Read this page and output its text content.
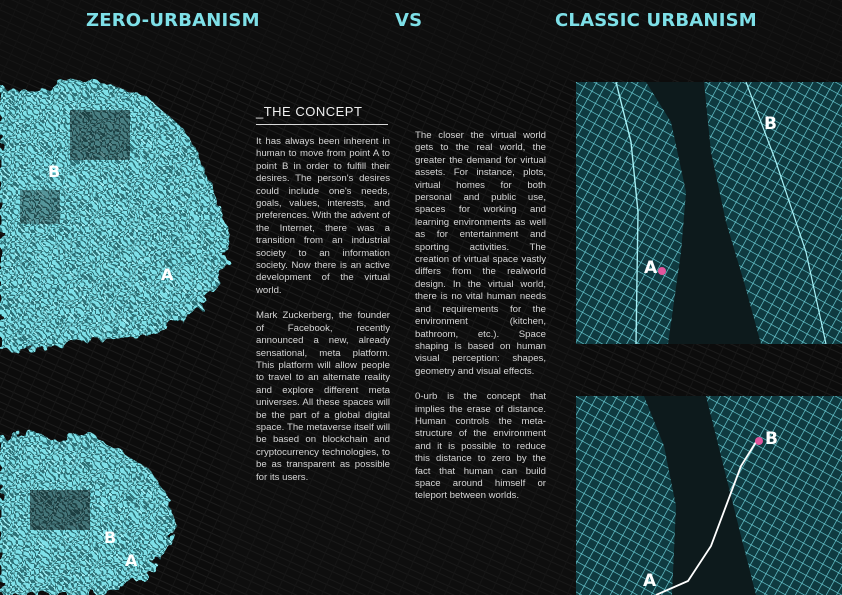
ZERO-URBANISM	VS	CLASSIC URBANISM
B
A
B
A
_THE CONCEPT

It has always been inherent in human to move from point A to point B in order to fulfill their desires. The person's desires could include one's needs, goals, values, interests, and preferences. With the advent of the Internet, there was a transition from an industrial society to an information society. Now there is an active development of the virtual world.

Mark Zuckerberg, the founder of Facebook, recently announced a new, already sensational, meta platform. This platform will allow people to travel to an alternate reality and explore different meta universes. All these spaces will be the part of a global digital space. The metaverse itself will be based on blockchain and cryptocurrency technologies, to be as transparent as possible for its users.

The closer the virtual world gets to the real world, the greater the demand for virtual assets. For instance, plots, virtual homes for both personal and public use, spaces for working and learning environments as well as for entertainment and sporting activities. The creation of virtual space vastly differs from the realworld design. In the virtual world, there is no vital human needs and requirements for the environment (kitchen, bathroom, etc.). Space shaping is based on human visual perception: shapes, geometry and visual effects.

0-urb is the concept that implies the erase of distance. Human controls the meta-structure of the environment and it is possible to reduce this distance to zero by the fact that human can build space around himself or teleport between worlds.

B
A
B
A
